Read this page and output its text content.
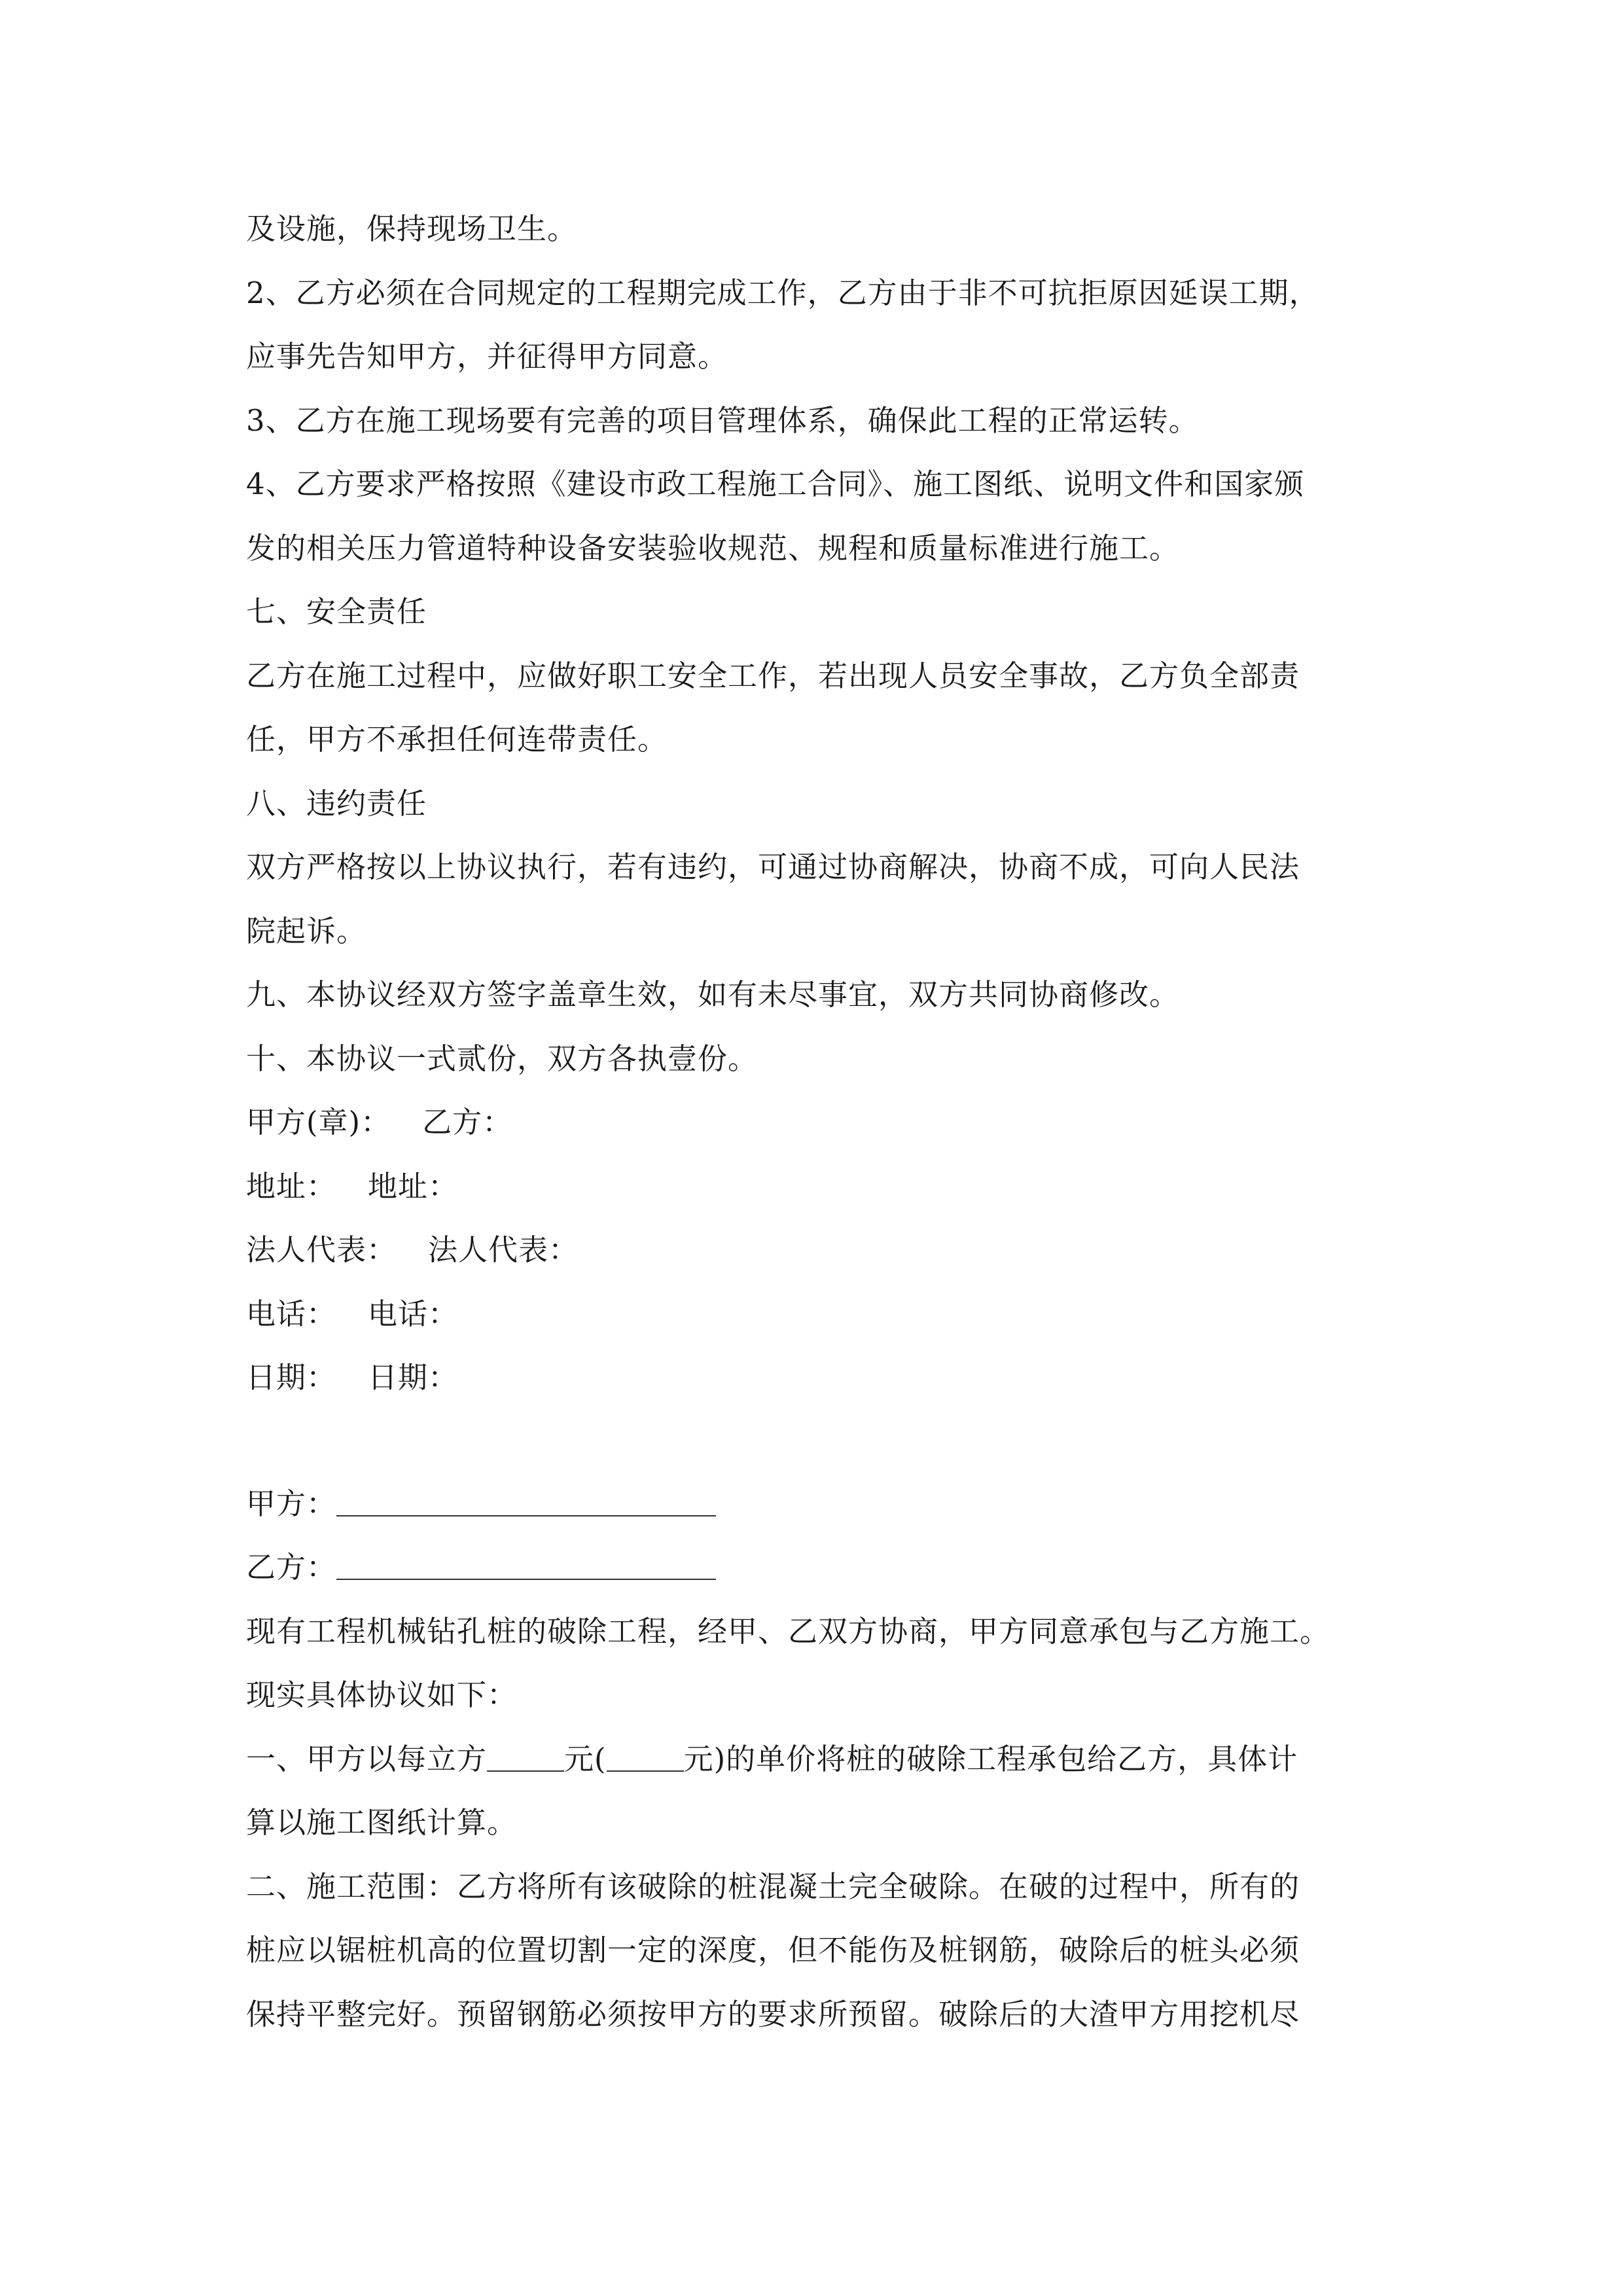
及设施，保持现场卫生。
2、乙方必须在合同规定的工程期完成工作，乙方由于非不可抗拒原因延误工期，
应事先告知甲方，并征得甲方同意。
3、乙方在施工现场要有完善的项目管理体系，确保此工程的正常运转。
4、乙方要求严格按照《建设市政工程施工合同》、施工图纸、说明文件和国家颁
发的相关压力管道特种设备安装验收规范、规程和质量标准进行施工。
七、安全责任
乙方在施工过程中，应做好职工安全工作，若出现人员安全事故，乙方负全部责
任，甲方不承担任何连带责任。
八、违约责任
双方严格按以上协议执行，若有违约，可通过协商解决，协商不成，可向人民法
院起诉。
九、本协议经双方签字盖章生效，如有未尽事宜，双方共同协商修改。
十、本协议一式贰份，双方各执壹份。
甲方(章)： 乙方：
地址： 地址：
法人代表： 法人代表：
电话： 电话：
日期： 日期：
甲方：
乙方：
现有工程机械钻孔桩的破除工程，经甲、乙双方协商，甲方同意承包与乙方施工。
现实具体协议如下：
一、甲方以每立方	元(	元)的单价将桩的破除工程承包给乙方，具体计
算以施工图纸计算。
二、施工范围：乙方将所有该破除的桩混凝土完全破除。在破的过程中，所有的
桩应以锯桩机高的位置切割一定的深度，但不能伤及桩钢筋，破除后的桩头必须
保持平整完好。预留钢筋必须按甲方的要求所预留。破除后的大渣甲方用挖机尽
